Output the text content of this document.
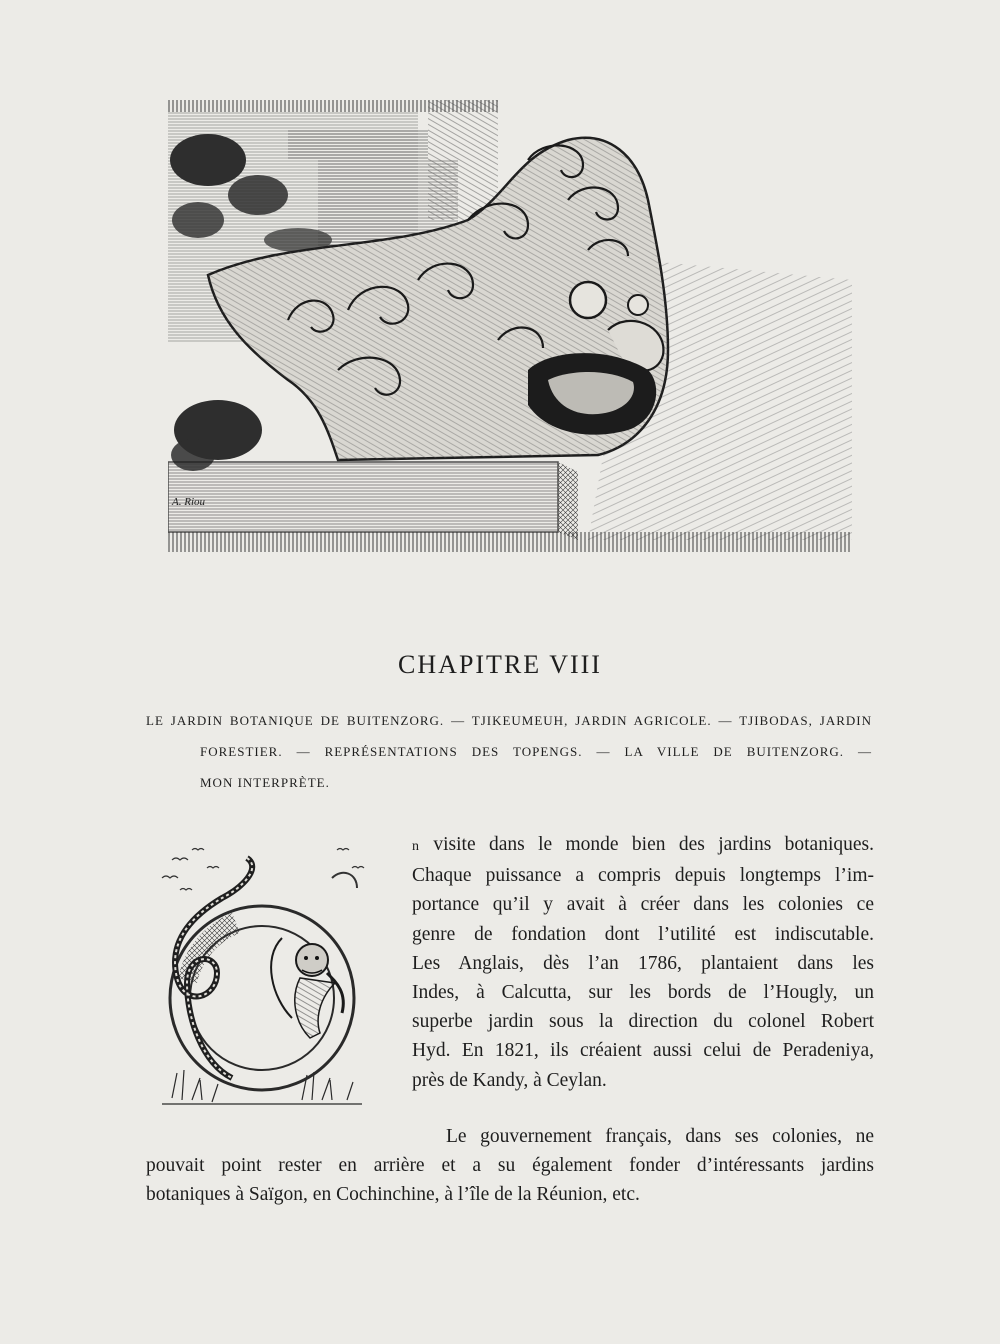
A. Riou
CHAPITRE VIII
LE JARDIN BOTANIQUE DE BUITENZORG. — TJIKEUMEUH, JARDIN AGRICOLE. — TJIBODAS, JARDIN
FORESTIER. — REPRÉSENTATIONS DES TOPENGS. — LA VILLE DE BUITENZORG. —
MON INTERPRÈTE.
n visite dans le monde bien des jardins botaniques.
Chaque puissance a compris depuis longtemps l’im-
portance qu’il y avait à créer dans les colonies ce
genre de fondation dont l’utilité est indiscutable.
Les Anglais, dès l’an 1786, plantaient dans les
Indes, à Calcutta, sur les bords de l’Hougly, un
superbe jardin sous la direction du colonel Robert
Hyd. En 1821, ils créaient aussi celui de Peradeniya,
près de Kandy, à Ceylan.
Le gouvernement français, dans ses colonies, ne
pouvait point rester en arrière et a su également fonder d’intéressants jardins
botaniques à Saïgon, en Cochinchine, à l’île de la Réunion, etc.
